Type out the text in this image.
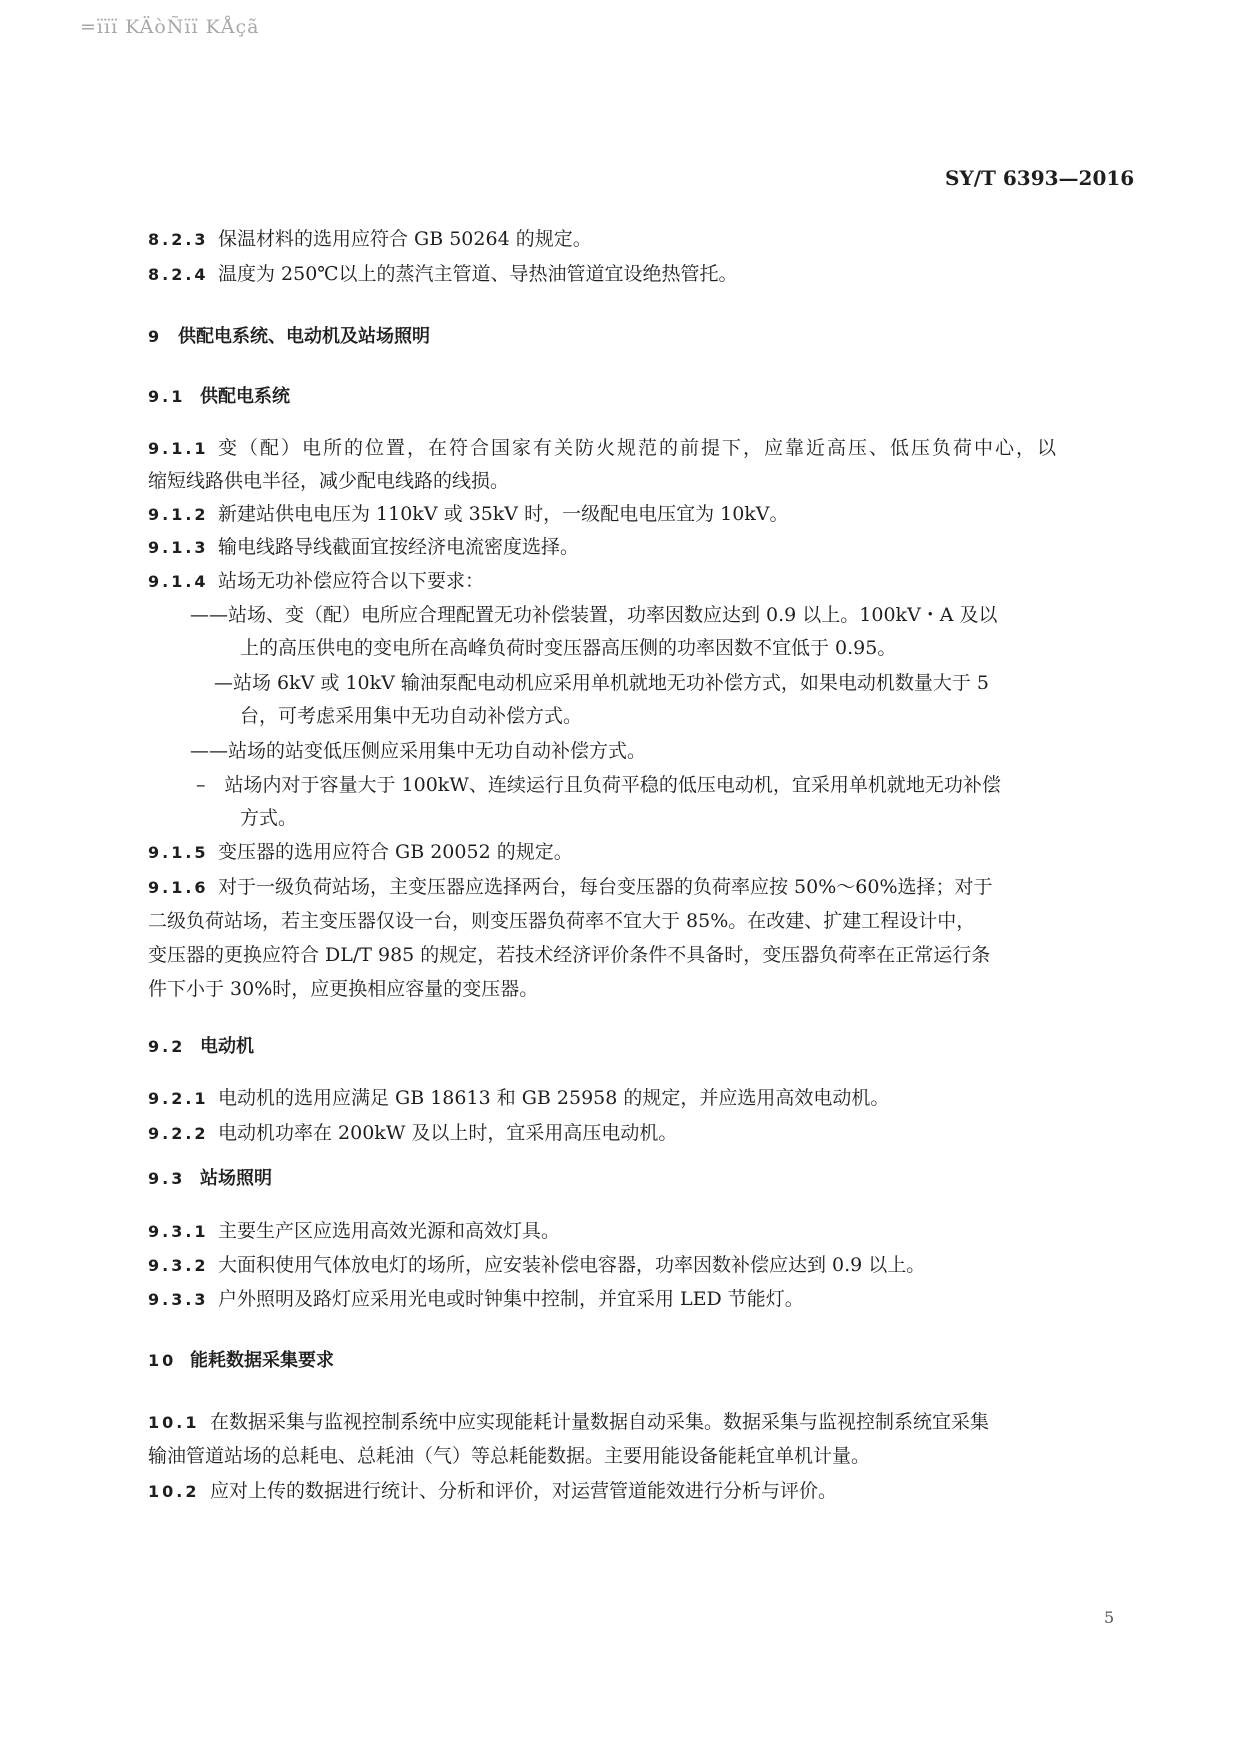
=ïïï KÄòÑïï KÅçã
SY/T 6393—2016
8.2.3 保温材料的选用应符合 GB 50264 的规定。
8.2.4 温度为 250℃以上的蒸汽主管道、导热油管道宜设绝热管托。
9 供配电系统、电动机及站场照明
9.1 供配电系统
9.1.1 变（配）电所的位置，在符合国家有关防火规范的前提下，应靠近高压、低压负荷中心，以
缩短线路供电半径，减少配电线路的线损。
9.1.2 新建站供电电压为 110kV 或 35kV 时，一级配电电压宜为 10kV。
9.1.3 输电线路导线截面宜按经济电流密度选择。
9.1.4 站场无功补偿应符合以下要求：
——站场、变（配）电所应合理配置无功补偿装置，功率因数应达到 0.9 以上。100kV・A 及以
上的高压供电的变电所在高峰负荷时变压器高压侧的功率因数不宜低于 0.95。
—站场 6kV 或 10kV 输油泵配电动机应采用单机就地无功补偿方式，如果电动机数量大于 5
台，可考虑采用集中无功自动补偿方式。
——站场的站变低压侧应采用集中无功自动补偿方式。
–　站场内对于容量大于 100kW、连续运行且负荷平稳的低压电动机，宜采用单机就地无功补偿
方式。
9.1.5 变压器的选用应符合 GB 20052 的规定。
9.1.6 对于一级负荷站场，主变压器应选择两台，每台变压器的负荷率应按 50%～60%选择；对于
二级负荷站场，若主变压器仅设一台，则变压器负荷率不宜大于 85%。在改建、扩建工程设计中，
变压器的更换应符合 DL/T 985 的规定，若技术经济评价条件不具备时，变压器负荷率在正常运行条
件下小于 30%时，应更换相应容量的变压器。
9.2 电动机
9.2.1 电动机的选用应满足 GB 18613 和 GB 25958 的规定，并应选用高效电动机。
9.2.2 电动机功率在 200kW 及以上时，宜采用高压电动机。
9.3 站场照明
9.3.1 主要生产区应选用高效光源和高效灯具。
9.3.2 大面积使用气体放电灯的场所，应安装补偿电容器，功率因数补偿应达到 0.9 以上。
9.3.3 户外照明及路灯应采用光电或时钟集中控制，并宜采用 LED 节能灯。
10 能耗数据采集要求
10.1 在数据采集与监视控制系统中应实现能耗计量数据自动采集。数据采集与监视控制系统宜采集
输油管道站场的总耗电、总耗油（气）等总耗能数据。主要用能设备能耗宜单机计量。
10.2 应对上传的数据进行统计、分析和评价，对运营管道能效进行分析与评价。
5
